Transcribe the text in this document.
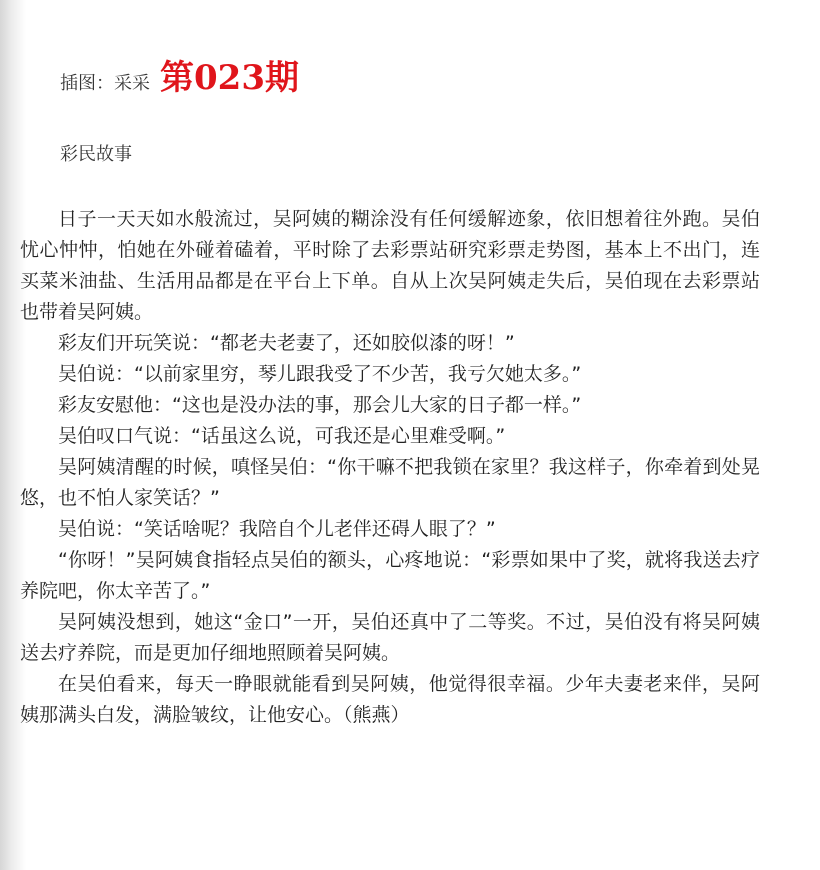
插图：采采 第023期
彩民故事

日子一天天如水般流过，吴阿姨的糊涂没有任何缓解迹象，依旧想着往外跑。吴伯忧心忡忡，怕她在外碰着磕着，平时除了去彩票站研究彩票走势图，基本上不出门，连买菜米油盐、生活用品都是在平台上下单。自从上次吴阿姨走失后，吴伯现在去彩票站也带着吴阿姨。

彩友们开玩笑说：“都老夫老妻了，还如胶似漆的呀！”

吴伯说：“以前家里穷，琴儿跟我受了不少苦，我亏欠她太多。”

彩友安慰他：“这也是没办法的事，那会儿大家的日子都一样。”

吴伯叹口气说：“话虽这么说，可我还是心里难受啊。”

吴阿姨清醒的时候，嗔怪吴伯：“你干嘛不把我锁在家里？我这样子，你牵着到处晃悠，也不怕人家笑话？”

吴伯说：“笑话啥呢？我陪自个儿老伴还碍人眼了？”

“你呀！”吴阿姨食指轻点吴伯的额头，心疼地说：“彩票如果中了奖，就将我送去疗养院吧，你太辛苦了。”

吴阿姨没想到，她这“金口”一开，吴伯还真中了二等奖。不过，吴伯没有将吴阿姨送去疗养院，而是更加仔细地照顾着吴阿姨。

在吴伯看来，每天一睁眼就能看到吴阿姨，他觉得很幸福。少年夫妻老来伴，吴阿姨那满头白发，满脸皱纹，让他安心。（熊燕）
